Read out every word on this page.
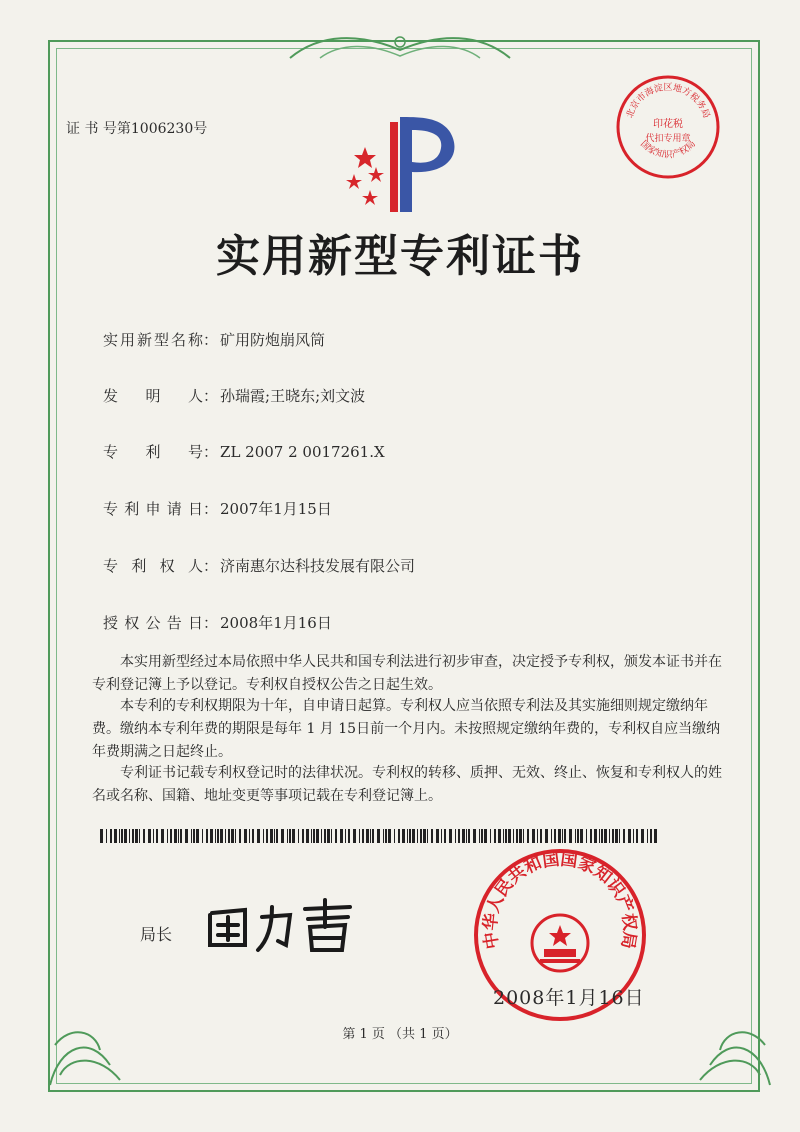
证 书 号第1006230号
北京市海淀区地方税务局
印花税
代扣专用章
国家知识产权局
实用新型专利证书
实用新型名称： 矿用防炮崩风筒
发明人： 孙瑞霞;王晓东;刘文波
专利号： ZL 2007 2 0017261.X
专利申请日： 2007年1月15日
专利权人： 济南惠尔达科技发展有限公司
授权公告日： 2008年1月16日
本实用新型经过本局依照中华人民共和国专利法进行初步审查，决定授予专利权，颁发本证书并在专利登记簿上予以登记。专利权自授权公告之日起生效。
本专利的专利权期限为十年，自申请日起算。专利权人应当依照专利法及其实施细则规定缴纳年费。缴纳本专利年费的期限是每年 1 月 15日前一个月内。未按照规定缴纳年费的，专利权自应当缴纳年费期满之日起终止。
专利证书记载专利权登记时的法律状况。专利权的转移、质押、无效、终止、恢复和专利权人的姓名或名称、国籍、地址变更等事项记载在专利登记簿上。
局长	中华人民共和国国家知识产权局
2008年1月16日
第 1 页 （共 1 页）
